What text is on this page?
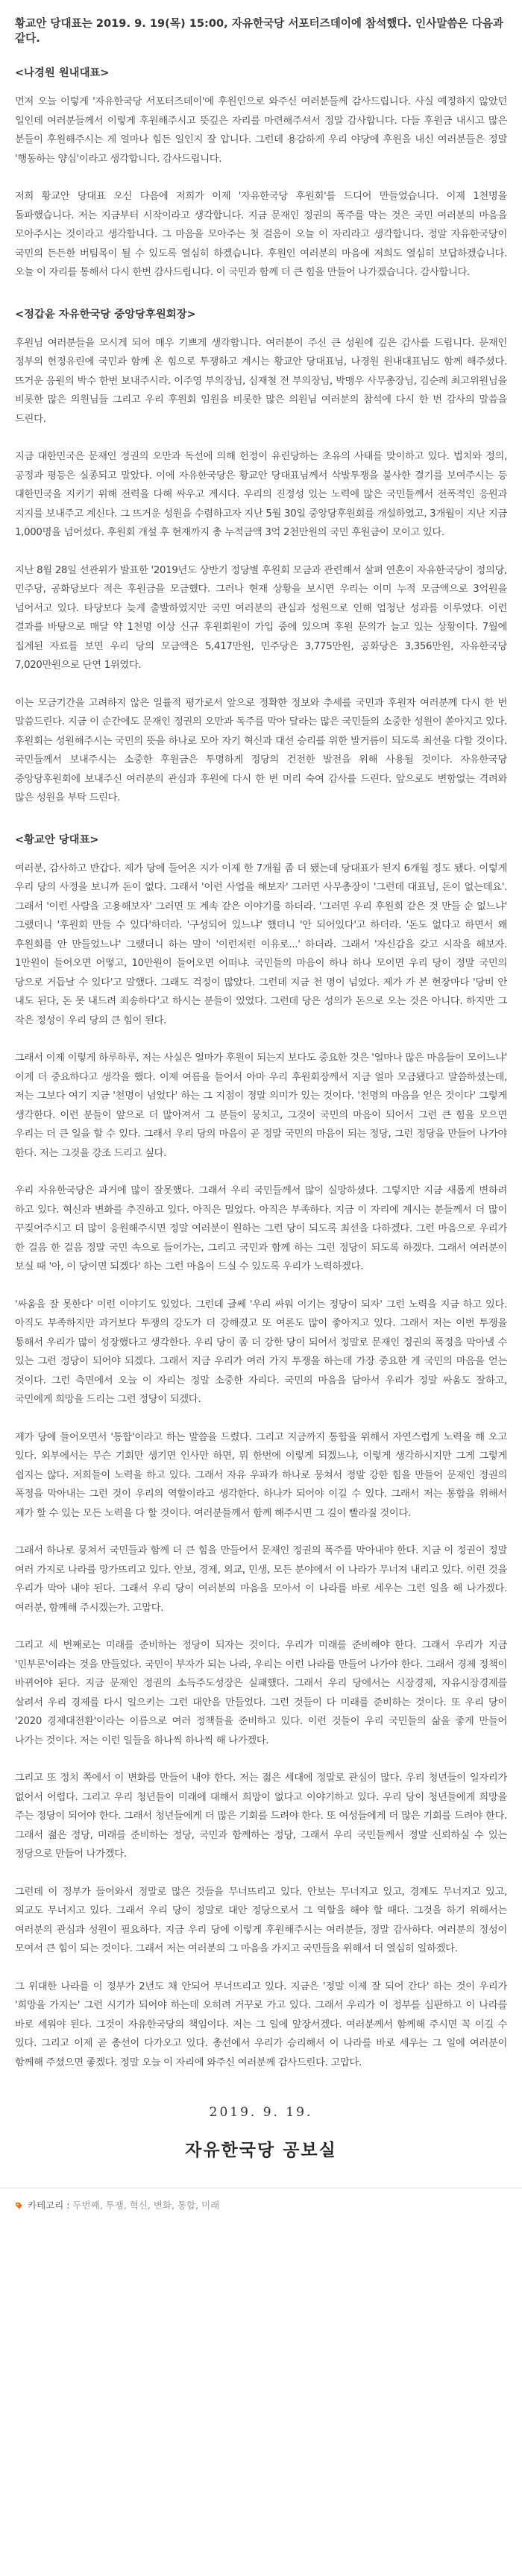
황교안 당대표는 2019. 9. 19(목) 15:00, 자유한국당 서포터즈데이에 참석했다. 인사말씀은 다음과 같다.
<나경원 원내대표>

먼저 오늘 이렇게 '자유한국당 서포터즈데이'에 후원인으로 와주신 여러분들께 감사드립니다. 사실 예정하지 않았던 일인데 여러분들께서 이렇게 후원해주시고 뜻깊은 자리를 마련해주셔서 정말 감사합니다. 다들 후원금 내시고 많은 분들이 후원해주시는 게 얼마나 힘든 일인지 잘 압니다. 그런데 용감하게 우리 야당에 후원을 내신 여러분들은 정말 '행동하는 양심'이라고 생각합니다. 감사드립니다.

저희 황교안 당대표 오신 다음에 저희가 이제 '자유한국당 후원회'를 드디어 만들었습니다. 이제 1천명을 돌파했습니다. 저는 지금부터 시작이라고 생각합니다. 지금 문재인 정권의 폭주를 막는 것은 국민 여러분의 마음을 모아주시는 것이라고 생각합니다. 그 마음을 모아주는 첫 걸음이 오늘 이 자리라고 생각합니다. 정말 자유한국당이 국민의 든든한 버팀목이 될 수 있도록 열심히 하겠습니다. 후원인 여러분의 마음에 저희도 열심히 보답하겠습니다. 오늘 이 자리를 통해서 다시 한번 감사드립니다. 이 국민과 함께 더 큰 힘을 만들어 나가겠습니다. 감사합니다.

<정갑윤 자유한국당 중앙당후원회장>

후원님 여러분들을 모시게 되어 매우 기쁘게 생각합니다. 여러분이 주신 큰 성원에 깊은 감사를 드립니다. 문재인 정부의 헌정유린에 국민과 함께 온 힘으로 투쟁하고 계시는 황교안 당대표님, 나경원 원내대표님도 함께 해주셨다. 뜨거운 응원의 박수 한번 보내주시라. 이주영 부의장님, 심재철 전 부의장님, 박맹우 사무총장님, 김순례 최고위원님을 비롯한 많은 의원님들 그리고 우리 후원회 임원을 비롯한 많은 의원님 여러분의 참석에 다시 한 번 감사의 말씀을 드린다.

지금 대한민국은 문재인 정권의 오만과 독선에 의해 헌정이 유린당하는 초유의 사태를 맞이하고 있다. 법치와 정의, 공정과 평등은 실종되고 말았다. 이에 자유한국당은 황교안 당대표님께서 삭발투쟁을 불사한 결기를 보여주시는 등 대한민국을 지키기 위해 전력을 다해 싸우고 계시다. 우리의 진정성 있는 노력에 많은 국민들께서 전폭적인 응원과 지지를 보내주고 계신다. 그 뜨거운 성원을 수렴하고자 지난 5월 30일 중앙당후원회를 개설하였고, 3개월이 지난 지금 1,000명을 넘어섰다. 후원회 개설 후 현재까지 총 누적금액 3억 2천만원의 국민 후원금이 모이고 있다.

지난 8월 28일 선관위가 발표한 '2019년도 상반기 정당별 후원회 모금과 관련해서 살펴 연혼이 자유한국당이 정의당, 민주당, 공화당보다 적은 후원금을 모금했다. 그러나 현재 상황을 보시면 우리는 이미 누적 모금액으로 3억원을 넘어서고 있다. 타당보다 늦게 출발하였지만 국민 여러분의 관심과 성원으로 인해 엄청난 성과를 이루었다. 이런 결과를 바탕으로 매달 약 1천명 이상 신규 후원회원이 가입 중에 있으며 후원 문의가 늘고 있는 상황이다. 7월에 집계된 자료를 보면 우리 당의 모금액은 5,417만원, 민주당은 3,775만원, 공화당은 3,356만원, 자유한국당 7,020만원으로 단연 1위였다.

이는 모금기간을 고려하지 않은 일률적 평가로서 앞으로 정확한 정보와 추세를 국민과 후원자 여러분께 다시 한 번 말씀드린다. 지금 이 순간에도 문재인 정권의 오만과 독주를 막아 달라는 많은 국민들의 소중한 성원이 쏟아지고 있다. 후원회는 성원해주시는 국민의 뜻을 하나로 모아 자기 혁신과 대선 승리를 위한 발거름이 되도록 최선을 다할 것이다. 국민들께서 보내주시는 소중한 후원금은 투명하게 정당의 건전한 발전을 위해 사용될 것이다. 자유한국당 중앙당후원회에 보내주신 여러분의 관심과 후원에 다시 한 번 머리 숙여 감사를 드린다. 앞으로도 변함없는 격려와 많은 성원을 부탁 드린다.

<황교안 당대표>

여러분, 감사하고 반갑다. 제가 당에 들어온 지가 이제 한 7개월 좀 더 됐는데 당대표가 된지 6개월 정도 됐다. 이렇게 우리 당의 사정을 보니까 돈이 없다. 그래서 '이런 사업을 해보자' 그러면 사무총장이 '그런데 대표님, 돈이 없는데요'. 그래서 '이런 사람을 고용해보자' 그러면 또 계속 같은 이야기를 하더라. '그러면 우리 후원회 같은 것 만들 순 없느냐' 그랬더니 '후원회 만들 수 있다'하더라. '구성되어 있느냐' 했더니 '안 되어있다'고 하더라. '돈도 없다고 하면서 왜 후원회를 안 만들었느냐' 그랬더니 하는 말이 '이런저런 이유로...' 하더라. 그래서 '자신감을 갖고 시작을 해보자. 1만원이 들어오면 어떻고, 10만원이 들어오면 어떠냐. 국민들의 마음이 하나 하나 모이면 우리 당이 정말 국민의 당으로 거듭날 수 있다'고 말했다. 그래도 걱정이 많았다. 그런데 지금 천 명이 넘었다. 제가 가 본 현장마다 '당비 안 내도 된다, 돈 못 내드려 죄송하다'고 하시는 분들이 있었다. 그런데 당은 성의가 돈으로 오는 것은 아니다. 하지만 그 작은 정성이 우리 당의 큰 힘이 된다.

그래서 이제 이렇게 하루하루, 저는 사실은 얼마가 후원이 되는지 보다도 중요한 것은 '얼마나 많은 마음들이 모이느냐' 이게 더 중요하다고 생각을 했다. 이제 여름을 들어서 아마 우리 후원회장께서 지금 얼마 모금됐다고 말씀하셨는데, 저는 그보다 여기 지금 '천명이 넘었다' 하는 그 지점이 정말 의미가 있는 것이다. '천명의 마음을 얻은 것이다' 그렇게 생각한다. 이런 분들이 앞으로 더 많아져서 그 분들이 뭉치고, 그것이 국민의 마음이 되어서 그런 큰 힘을 모으면 우리는 더 큰 일을 할 수 있다. 그래서 우리 당의 마음이 곧 정말 국민의 마음이 되는 정당, 그런 정당을 만들어 나가야 한다. 저는 그것을 강조 드리고 싶다.

우리 자유한국당은 과거에 많이 잘못했다. 그래서 우리 국민들께서 많이 실망하셨다. 그렇지만 지금 새롭게 변하려 하고 있다. 혁신과 변화를 추진하고 있다. 아직은 멀었다. 아직은 부족하다. 지금 이 자리에 계시는 분들께서 더 많이 꾸짖어주시고 더 많이 응원해주시면 정말 여러분이 원하는 그런 당이 되도록 최선을 다하겠다. 그런 마음으로 우리가 한 걸음 한 걸음 정말 국민 속으로 들어가는, 그리고 국민과 함께 하는 그런 정당이 되도록 하겠다. 그래서 여러분이 보실 때 '아, 이 당이면 되겠다' 하는 그런 마음이 드실 수 있도록 우리가 노력하겠다.

'싸움을 잘 못한다' 이런 이야기도 있었다. 그런데 글쎄 '우리 싸워 이기는 정당이 되자' 그런 노력을 지금 하고 있다. 아직도 부족하지만 과거보다 투쟁의 강도가 더 강해졌고 또 여론도 많이 좋아지고 있다. 그래서 저는 이번 투쟁을 통해서 우리가 많이 성장했다고 생각한다. 우리 당이 좀 더 강한 당이 되어서 정말로 문재인 정권의 폭정을 막아낼 수 있는 그런 정당이 되어야 되겠다. 그래서 지금 우리가 여러 가지 투쟁을 하는데 가장 중요한 게 국민의 마음을 얻는 것이다. 그런 측면에서 오늘 이 자리는 정말 소중한 자리다. 국민의 마음을 담아서 우리가 정말 싸움도 잘하고, 국민에게 희망을 드리는 그런 정당이 되겠다.

제가 당에 들어오면서 '통합'이라고 하는 말씀을 드렸다. 그리고 지금까지 통합을 위해서 자연스럽게 노력을 해 오고 있다. 외부에서는 무슨 기회만 생기면 인사만 하면, 뭐 한번에 이렇게 되겠느냐, 이렇게 생각하시지만 그게 그렇게 쉽지는 않다. 저희들이 노력을 하고 있다. 그래서 자유 우파가 하나로 뭉쳐서 정말 강한 힘을 만들어 문재인 정권의 폭정을 막아내는 그런 것이 우리의 역할이라고 생각한다. 하나가 되어야 이길 수 있다. 그래서 저는 통합을 위해서 제가 할 수 있는 모든 노력을 다 할 것이다. 여러분들께서 함께 해주시면 그 길이 빨라질 것이다.

그래서 하나로 뭉쳐서 국민들과 함께 더 큰 힘을 만들어서 문재인 정권의 폭주를 막아내야 한다. 지금 이 정권이 정말 여러 가지로 나라를 망가뜨리고 있다. 안보, 경제, 외교, 민생, 모든 분야에서 이 나라가 무너져 내리고 있다. 이런 것을 우리가 막아 내야 된다. 그래서 우리 당이 여러분의 마음을 모아서 이 나라를 바로 세우는 그런 일을 해 나가겠다. 여러분, 함께해 주시겠는가. 고맙다.

그리고 세 번째로는 미래를 준비하는 정당이 되자는 것이다. 우리가 미래를 준비해야 한다. 그래서 우리가 지금 '민부론'이라는 것을 만들었다. 국민이 부자가 되는 나라, 우리는 이런 나라를 만들어 나가야 한다. 그래서 경제 정책이 바뀌어야 된다. 지금 문재인 정권의 소득주도성장은 실패했다. 그래서 우리 당에서는 시장경제, 자유시장경제를 살려서 우리 경제를 다시 일으키는 그런 대안을 만들었다. 그런 것들이 다 미래를 준비하는 것이다. 또 우리 당이 '2020 경제대전환'이라는 이름으로 여러 정책들을 준비하고 있다. 이런 것들이 우리 국민들의 삶을 좋게 만들어 나가는 것이다. 저는 이런 일들을 하나씩 하나씩 해 나가겠다.

그리고 또 정치 쪽에서 이 변화를 만들어 내야 한다. 저는 젊은 세대에 정말로 관심이 많다. 우리 청년들이 일자리가 없어서 어렵다. 그리고 우리 청년들이 미래에 대해서 희망이 없다고 이야기하고 있다. 우리 당이 청년들에게 희망을 주는 정당이 되어야 한다. 그래서 청년들에게 더 많은 기회를 드려야 한다. 또 여성들에게 더 많은 기회를 드려야 한다. 그래서 젊은 정당, 미래를 준비하는 정당, 국민과 함께하는 정당, 그래서 우리 국민들께서 정말 신뢰하실 수 있는 정당으로 만들어 나가겠다.

그런데 이 정부가 들어와서 정말로 많은 것들을 무너뜨리고 있다. 안보는 무너지고 있고, 경제도 무너지고 있고, 외교도 무너지고 있다. 그래서 우리 당이 정말로 대안 정당으로서 그 역할을 해야 할 때다. 그것을 하기 위해서는 여러분의 관심과 성원이 필요하다. 지금 우리 당에 이렇게 후원해주시는 여러분들, 정말 감사하다. 여러분의 정성이 모여서 큰 힘이 되는 것이다. 그래서 저는 여러분의 그 마음을 가지고 국민들을 위해서 더 열심히 일하겠다.

그 위대한 나라를 이 정부가 2년도 채 안되어 무너뜨리고 있다. 지금은 '정말 이제 잘 되어 간다' 하는 것이 우리가 '희망을 가지는' 그런 시기가 되어야 하는데 오히려 거꾸로 가고 있다. 그래서 우리가 이 정부를 심판하고 이 나라를 바로 세워야 된다. 그것이 자유한국당의 책임이다. 저는 그 일에 앞장서겠다. 여러분께서 함께해 주시면 꼭 이길 수 있다. 그리고 이제 곧 총선이 다가오고 있다. 총선에서 우리가 승리해서 이 나라를 바로 세우는 그 일에 여러분이 함께해 주셨으면 좋겠다. 정말 오늘 이 자리에 와주신 여러분께 감사드린다. 고맙다.

2019. 9. 19.
자유한국당 공보실
카테고리 :
두번째, 투쟁, 혁신, 변화, 통합, 미래
